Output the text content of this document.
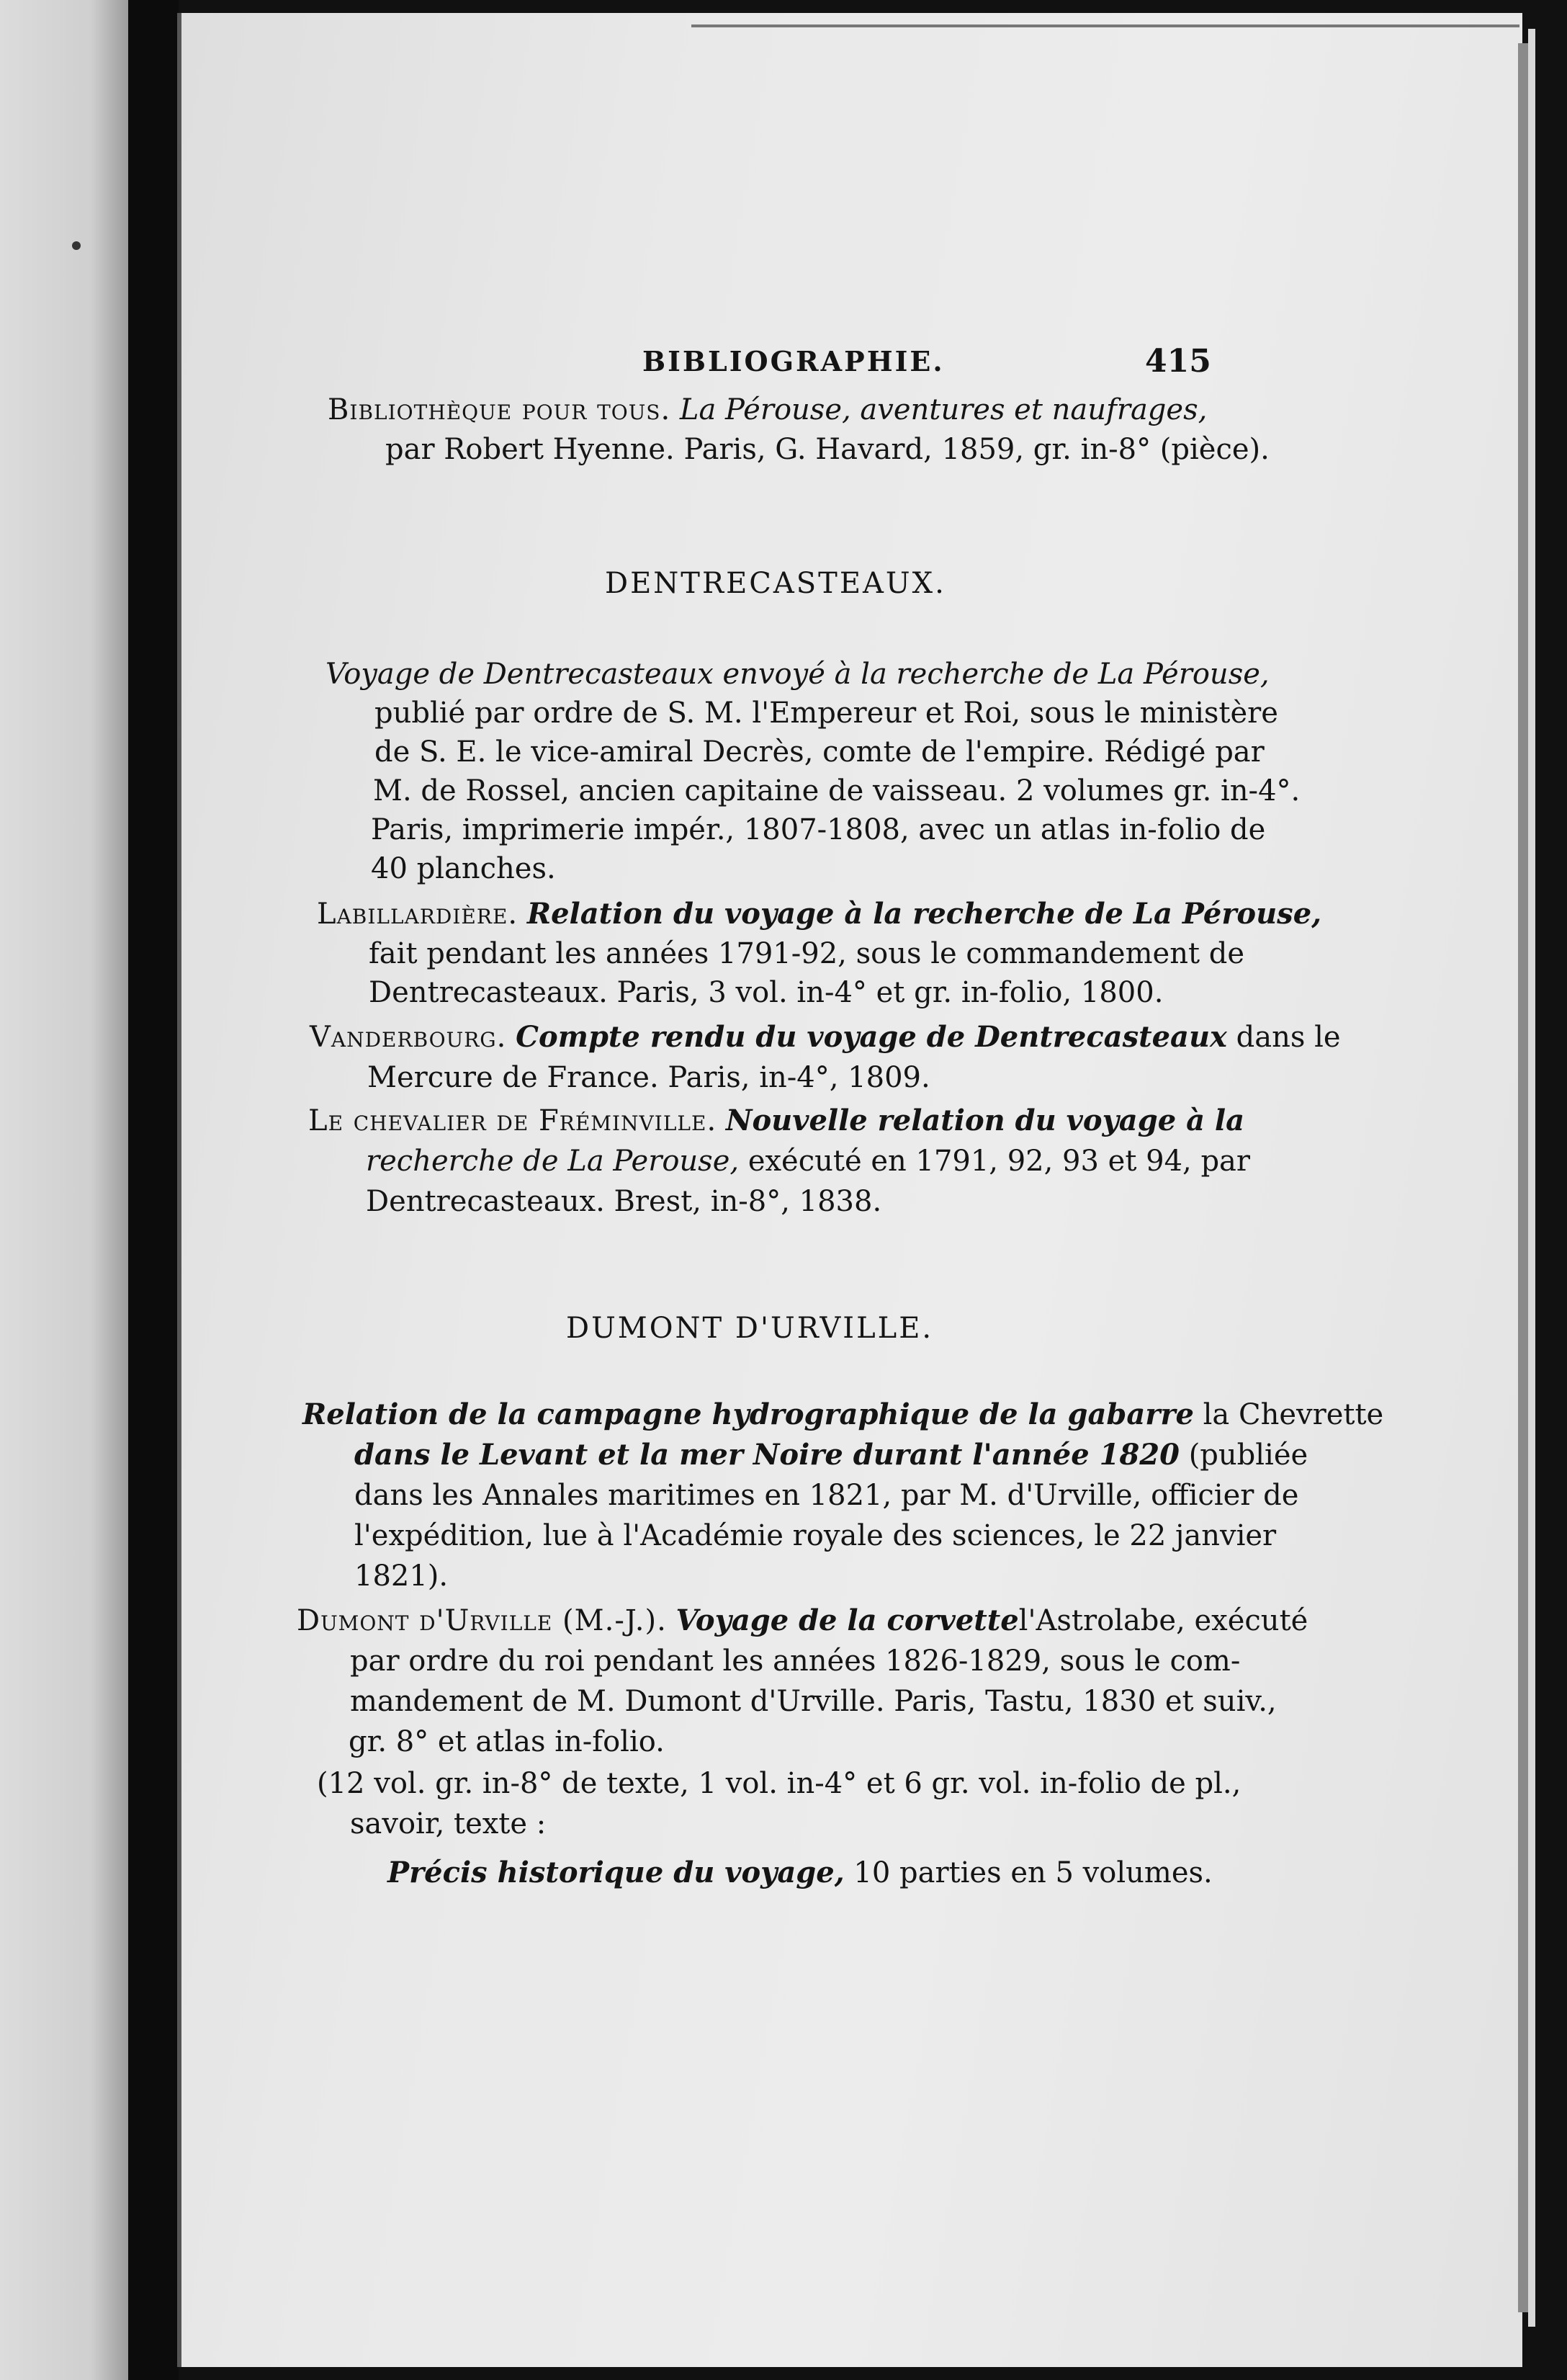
BIBLIOGRAPHIE.	415
Bibliothèque pour tous. La Pérouse, aventures et naufrages,
par Robert Hyenne. Paris, G. Havard, 1859, gr. in-8° (pièce).
DENTRECASTEAUX.
Voyage de Dentrecasteaux envoyé à la recherche de La Pérouse,
publié par ordre de S. M. l'Empereur et Roi, sous le ministère
de S. E. le vice-amiral Decrès, comte de l'empire. Rédigé par
M. de Rossel, ancien capitaine de vaisseau. 2 volumes gr. in-4°.
Paris, imprimerie impér., 1807-1808, avec un atlas in-folio de
40 planches.
Labillardière. Relation du voyage à la recherche de La Pérouse,
fait pendant les années 1791-92, sous le commandement de
Dentrecasteaux. Paris, 3 vol. in-4° et gr. in-folio, 1800.
Vanderbourg. Compte rendu du voyage de Dentrecasteaux dans le
Mercure de France. Paris, in-4°, 1809.
Le chevalier de Fréminville. Nouvelle relation du voyage à la
recherche de La Perouse, exécuté en 1791, 92, 93 et 94, par
Dentrecasteaux. Brest, in-8°, 1838.
DUMONT D'URVILLE.
Relation de la campagne hydrographique de la gabarre la Chevrette
dans le Levant et la mer Noire durant l'année 1820 (publiée
dans les Annales maritimes en 1821, par M. d'Urville, officier de
l'expédition, lue à l'Académie royale des sciences, le 22 janvier
1821).
Dumont d'Urville (M.-J.). Voyage de la corvettel'Astrolabe, exécuté
par ordre du roi pendant les années 1826-1829, sous le com-
mandement de M. Dumont d'Urville. Paris, Tastu, 1830 et suiv.,
gr. 8° et atlas in-folio.
(12 vol. gr. in-8° de texte, 1 vol. in-4° et 6 gr. vol. in-folio de pl.,
savoir, texte :
Précis historique du voyage, 10 parties en 5 volumes.
